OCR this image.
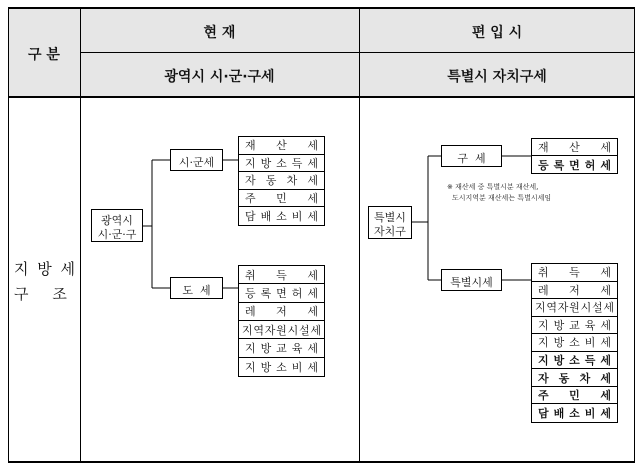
구 분
현 재
광역시 시·군·구세
편 입 시
특별시 자치구세
지 방 세
구     조
광역시
시·군·구
시·군세
도  세
재 산 세
지 방 소 득 세
자 동 차 세
주 민 세
담 배 소 비 세
취 득 세
등 록 면 허 세
레 저 세
지 역 자 원 시 설 세
지 방 교 육 세
지 방 소 비 세
특별시
자치구
구  세
특별시세
※ 재산세 중 특별시분 재산세,
도시지역분 재산세는 특별시세임
재 산 세
등 록 면 허 세
취 득 세
레 저 세
지 역 자 원 시 설 세
지 방 교 육 세
지 방 소 비 세
지 방 소 득 세
자 동 차 세
주 민 세
담 배 소 비 세
